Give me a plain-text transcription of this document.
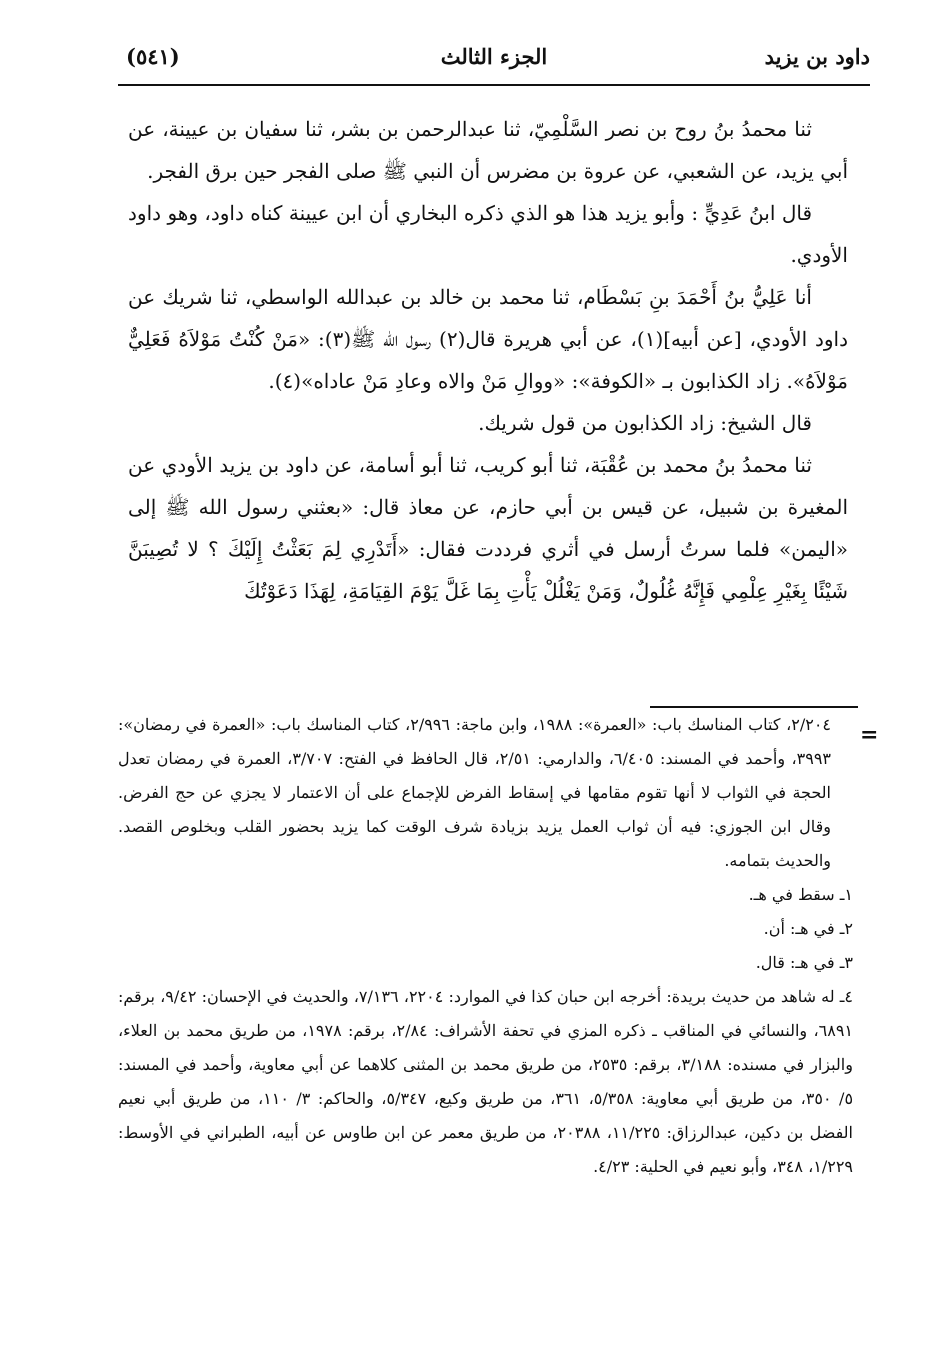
داود بن يزيد
الجزء الثالث
(٥٤١)

ثنا محمدُ بنُ روح بن نصر السَّلْمِيّ، ثنا عبدالرحمن بن بشر، ثنا سفيان بن عيينة، عن أبي يزيد، عن الشعبي، عن عروة بن مضرس أن النبي ﷺ صلى الفجر حين برق الفجر.

قال ابنُ عَدِيٍّ : وأبو يزيد هذا هو الذي ذكره البخاري أن ابن عيينة كناه داود، وهو داود الأودي.

أنا عَلِيُّ بنُ أَحْمَدَ بنِ بَسْطَام، ثنا محمد بن خالد بن عبدالله الواسطي، ثنا شريك عن داود الأودي، [عن أبيه](١)، عن أبي هريرة قال(٢) رسول الله ﷺ(٣): «مَنْ كُنْتُ مَوْلاَهُ فَعَلِيٌّ مَوْلاَهُ». زاد الكذابون بـ «الكوفة»: «ووالِ مَنْ والاه وعادِ مَنْ عاداه»(٤).

قال الشيخ: زاد الكذابون من قول شريك.

ثنا محمدُ بنُ محمد بن عُقْبَة، ثنا أبو كريب، ثنا أبو أسامة، عن داود بن يزيد الأودي عن المغيرة بن شبيل، عن قيس بن أبي حازم، عن معاذ قال: «بعثني رسول الله ﷺ إلى «اليمن» فلما سرتُ أرسل في أثري فرددت فقال: «أَتَدْرِي لِمَ بَعَثْتُ إِلَيْكَ ؟ لا تُصِيبَنَّ شَيْئًا بِغَيْرِ عِلْمِي فَإِنَّهُ غُلُولٌ، وَمَنْ يَغْلُلْ يَأْتِ بِمَا غَلَّ يَوْمَ القِيَامَةِ، لِهَذَا دَعَوْتُكَ

=

٢/٢٠٤، كتاب المناسك باب: «العمرة»: ١٩٨٨، وابن ماجة: ٢/٩٩٦، كتاب المناسك باب: «العمرة في رمضان»: ٣٩٩٣، وأحمد في المسند: ٦/٤٠٥، والدارمي: ٢/٥١، قال الحافظ في الفتح: ٣/٧٠٧، العمرة في رمضان تعدل الحجة في الثواب لا أنها تقوم مقامها في إسقاط الفرض للإجماع على أن الاعتمار لا يجزي عن حج الفرض. وقال ابن الجوزي: فيه أن ثواب العمل يزيد بزيادة شرف الوقت كما يزيد بحضور القلب وبخلوص القصد. والحديث بتمامه.

١ـ سقط في هـ.

٢ـ في هـ: أن.

٣ـ في هـ: قال.

٤ـ له شاهد من حديث بريدة: أخرجه ابن حبان كذا في الموارد: ٢٢٠٤، ٧/١٣٦، والحديث في الإحسان: ٩/٤٢، برقم: ٦٨٩١، والنسائي في المناقب ـ ذكره المزي في تحفة الأشراف: ٢/٨٤، برقم: ١٩٧٨، من طريق محمد بن العلاء، والبزار في مسنده: ٣/١٨٨، برقم: ٢٥٣٥، من طريق محمد بن المثنى كلاهما عن أبي معاوية، وأحمد في المسند: ٥/ ٣٥٠، من طريق أبي معاوية: ٥/٣٥٨، ٣٦١، من طريق وكيع، ٥/٣٤٧، والحاكم: ٣/ ١١٠، من طريق أبي نعيم الفضل بن دكين، عبدالرزاق: ١١/٢٢٥، ٢٠٣٨٨، من طريق معمر عن ابن طاوس عن أبيه، الطبراني في الأوسط: ١/٢٢٩، ٣٤٨، وأبو نعيم في الحلية: ٤/٢٣.
